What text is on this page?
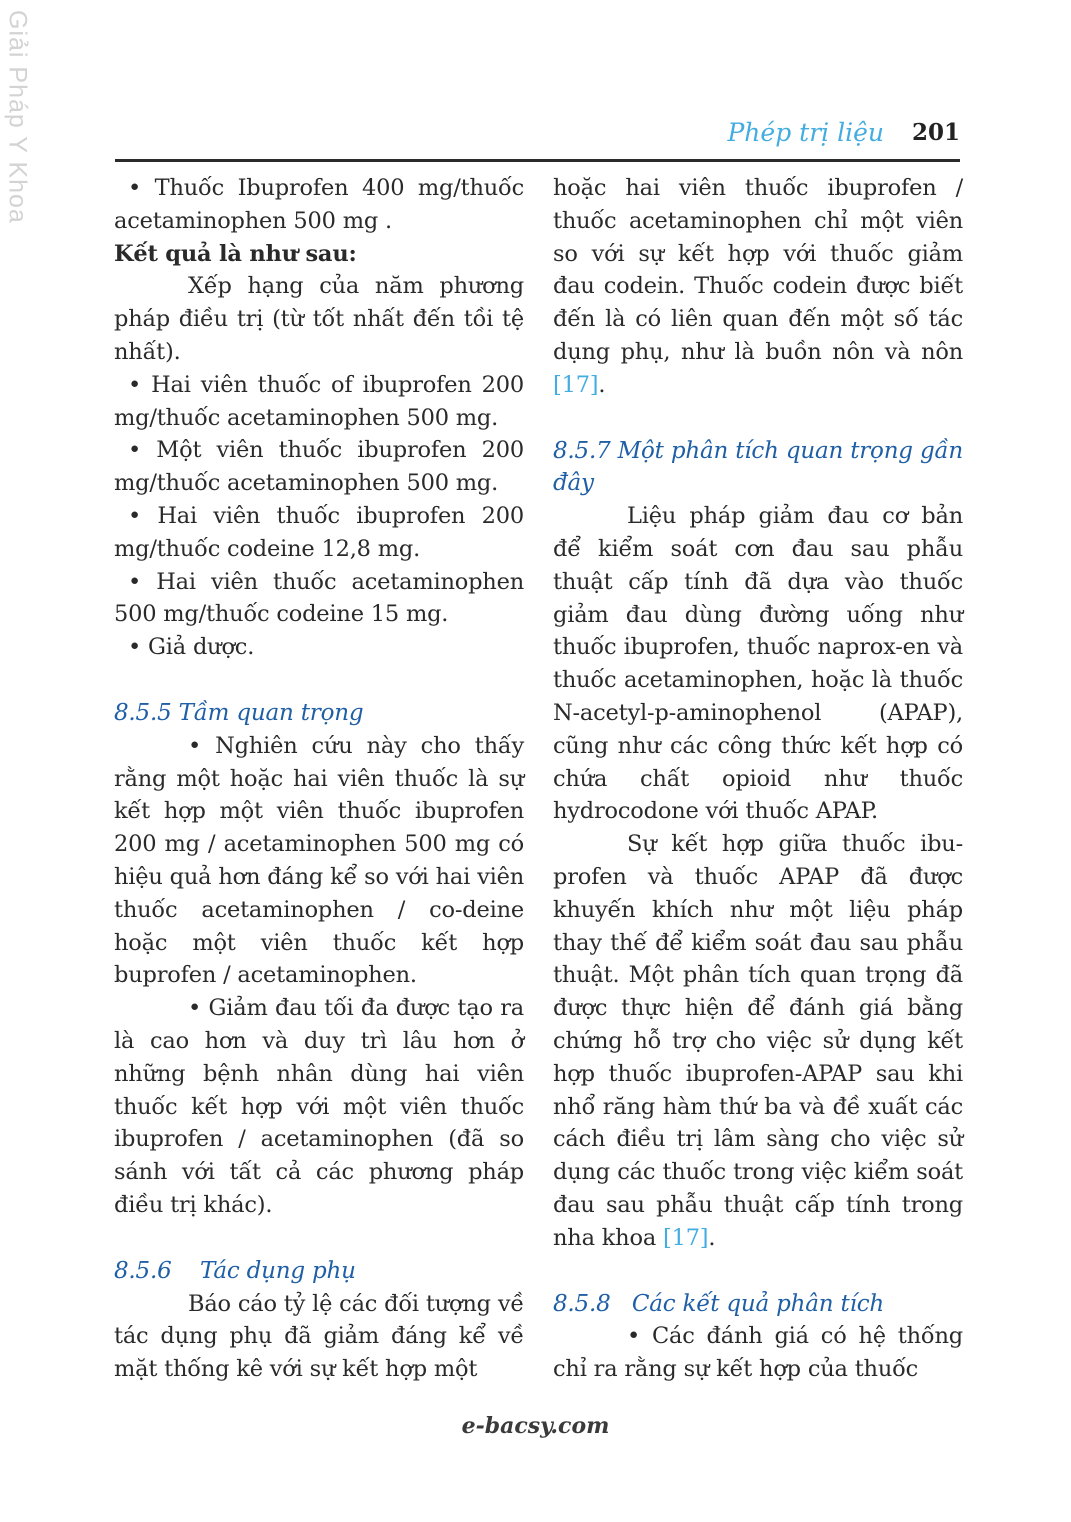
Giải Pháp Y Khoa	Phép trị liệu 201

• Thuốc Ibuprofen 400 mg/thuốc acetaminophen 500 mg .

Kết quả là như sau:

Xếp hạng của năm phương pháp điều trị (từ tốt nhất đến tồi tệ nhất).

• Hai viên thuốc of ibuprofen 200 mg/thuốc acetaminophen 500 mg.

• Một viên thuốc ibuprofen 200 mg/thuốc acetaminophen 500 mg.

• Hai viên thuốc ibuprofen 200 mg/thuốc codeine 12,8 mg.

• Hai viên thuốc acetaminophen 500 mg/thuốc codeine 15 mg.

• Giả dược.

8.5.5 Tầm quan trọng

• Nghiên cứu này cho thấy rằng một hoặc hai viên thuốc là sự kết hợp một viên thuốc ibuprofen 200 mg / acetaminophen 500 mg có hiệu quả hơn đáng kể so với hai viên thuốc acetaminophen / co-deine hoặc một viên thuốc kết hợp buprofen / acetaminophen.

• Giảm đau tối đa được tạo ra là cao hơn và duy trì lâu hơn ở những bệnh nhân dùng hai viên thuốc kết hợp với một viên thuốc ibuprofen / acetaminophen (đã so sánh với tất cả các phương pháp điều trị khác).

8.5.6    Tác dụng phụ

Báo cáo tỷ lệ các đối tượng về tác dụng phụ đã giảm đáng kể về mặt thống kê với sự kết hợp một

hoặc hai viên thuốc ibuprofen / thuốc acetaminophen chỉ một viên so với sự kết hợp với thuốc giảm đau codein. Thuốc codein được biết đến là có liên quan đến một số tác dụng phụ, như là buồn nôn và nôn [17].

8.5.7 Một phân tích quan trọng gần đây

Liệu pháp giảm đau cơ bản để kiểm soát cơn đau sau phẫu thuật cấp tính đã dựa vào thuốc giảm đau dùng đường uống như thuốc ibuprofen, thuốc naprox-en và thuốc acetaminophen, hoặc là thuốc N-acetyl-p-aminophenol (APAP), cũng như các công thức kết hợp có chứa chất opioid như thuốc hydrocodone với thuốc APAP.

Sự kết hợp giữa thuốc ibu-profen và thuốc APAP đã được khuyến khích như một liệu pháp thay thế để kiểm soát đau sau phẫu thuật. Một phân tích quan trọng đã được thực hiện để đánh giá bằng chứng hỗ trợ cho việc sử dụng kết hợp thuốc ibuprofen-APAP sau khi nhổ răng hàm thứ ba và đề xuất các cách điều trị lâm sàng cho việc sử dụng các thuốc trong việc kiểm soát đau sau phẫu thuật cấp tính trong nha khoa [17].

8.5.8   Các kết quả phân tích

• Các đánh giá có hệ thống chỉ ra rằng sự kết hợp của thuốc

e-bacsy.com
